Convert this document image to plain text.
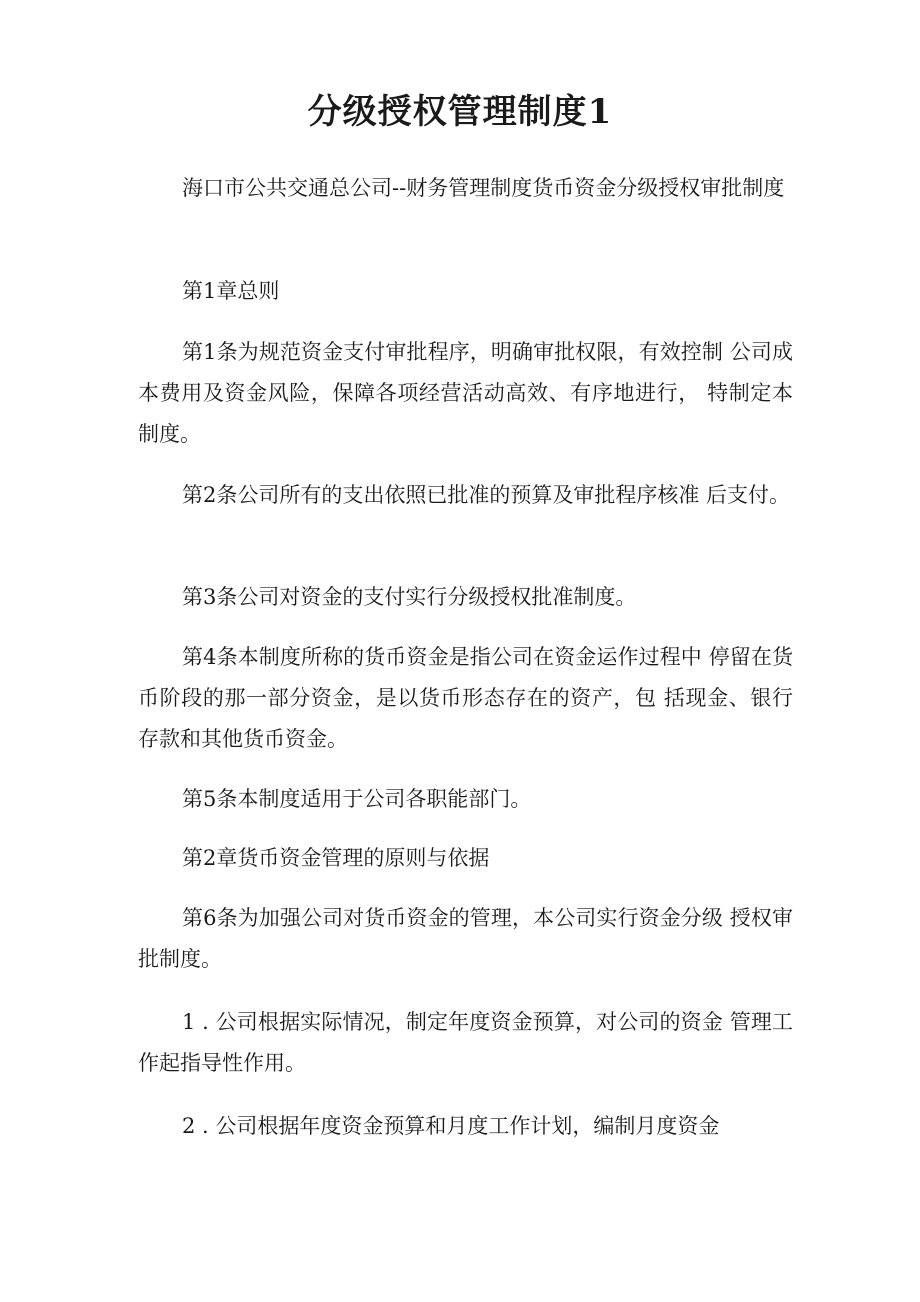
分级授权管理制度1

海口市公共交通总公司--财务管理制度货币资金分级授权审批制度

第1章总则

第1条为规范资金支付审批程序，明确审批权限，有效控制 公司成本费用及资金风险，保障各项经营活动高效、有序地进行， 特制定本制度。

第2条公司所有的支出依照已批准的预算及审批程序核准 后支付。

第3条公司对资金的支付实行分级授权批准制度。

第4条本制度所称的货币资金是指公司在资金运作过程中 停留在货币阶段的那一部分资金，是以货币形态存在的资产，包 括现金、银行存款和其他货币资金。

第5条本制度适用于公司各职能部门。

第2章货币资金管理的原则与依据

第6条为加强公司对货币资金的管理，本公司实行资金分级 授权审批制度。

1 . 公司根据实际情况，制定年度资金预算，对公司的资金 管理工作起指导性作用。

2 . 公司根据年度资金预算和月度工作计划，编制月度资金
